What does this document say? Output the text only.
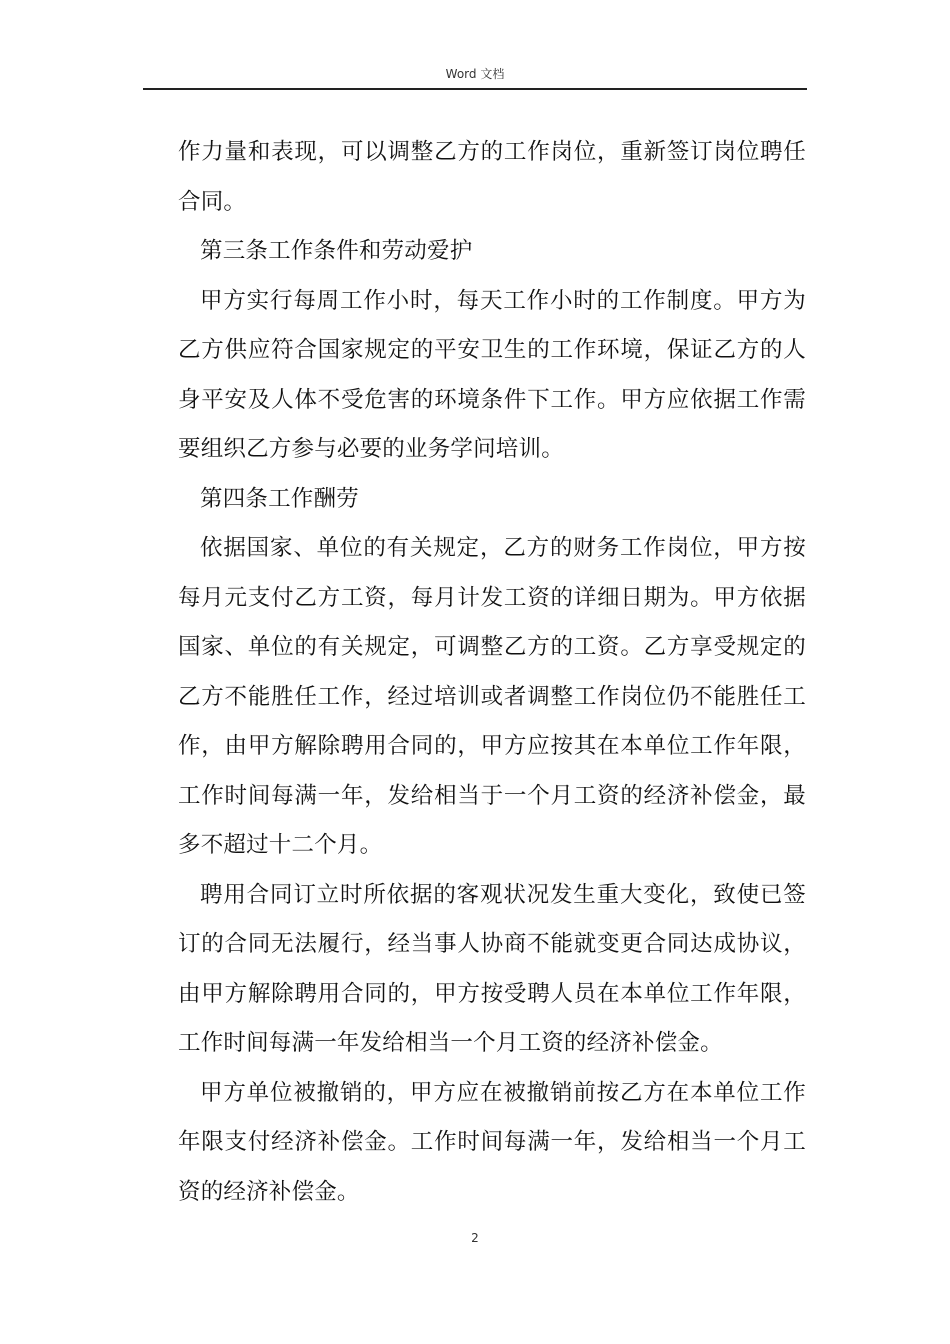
Word 文档

作力量和表现，可以调整乙方的工作岗位，重新签订岗位聘任合同。

第三条工作条件和劳动爱护

甲方实行每周工作小时，每天工作小时的工作制度。甲方为乙方供应符合国家规定的平安卫生的工作环境，保证乙方的人身平安及人体不受危害的环境条件下工作。甲方应依据工作需要组织乙方参与必要的业务学问培训。

第四条工作酬劳

依据国家、单位的有关规定，乙方的财务工作岗位，甲方按每月元支付乙方工资，每月计发工资的详细日期为。甲方依据国家、单位的有关规定，可调整乙方的工资。乙方享受规定的乙方不能胜任工作，经过培训或者调整工作岗位仍不能胜任工作，由甲方解除聘用合同的，甲方应按其在本单位工作年限，工作时间每满一年，发给相当于一个月工资的经济补偿金，最多不超过十二个月。

聘用合同订立时所依据的客观状况发生重大变化，致使已签订的合同无法履行，经当事人协商不能就变更合同达成协议，由甲方解除聘用合同的，甲方按受聘人员在本单位工作年限，工作时间每满一年发给相当一个月工资的经济补偿金。

甲方单位被撤销的，甲方应在被撤销前按乙方在本单位工作年限支付经济补偿金。工作时间每满一年，发给相当一个月工资的经济补偿金。

2
